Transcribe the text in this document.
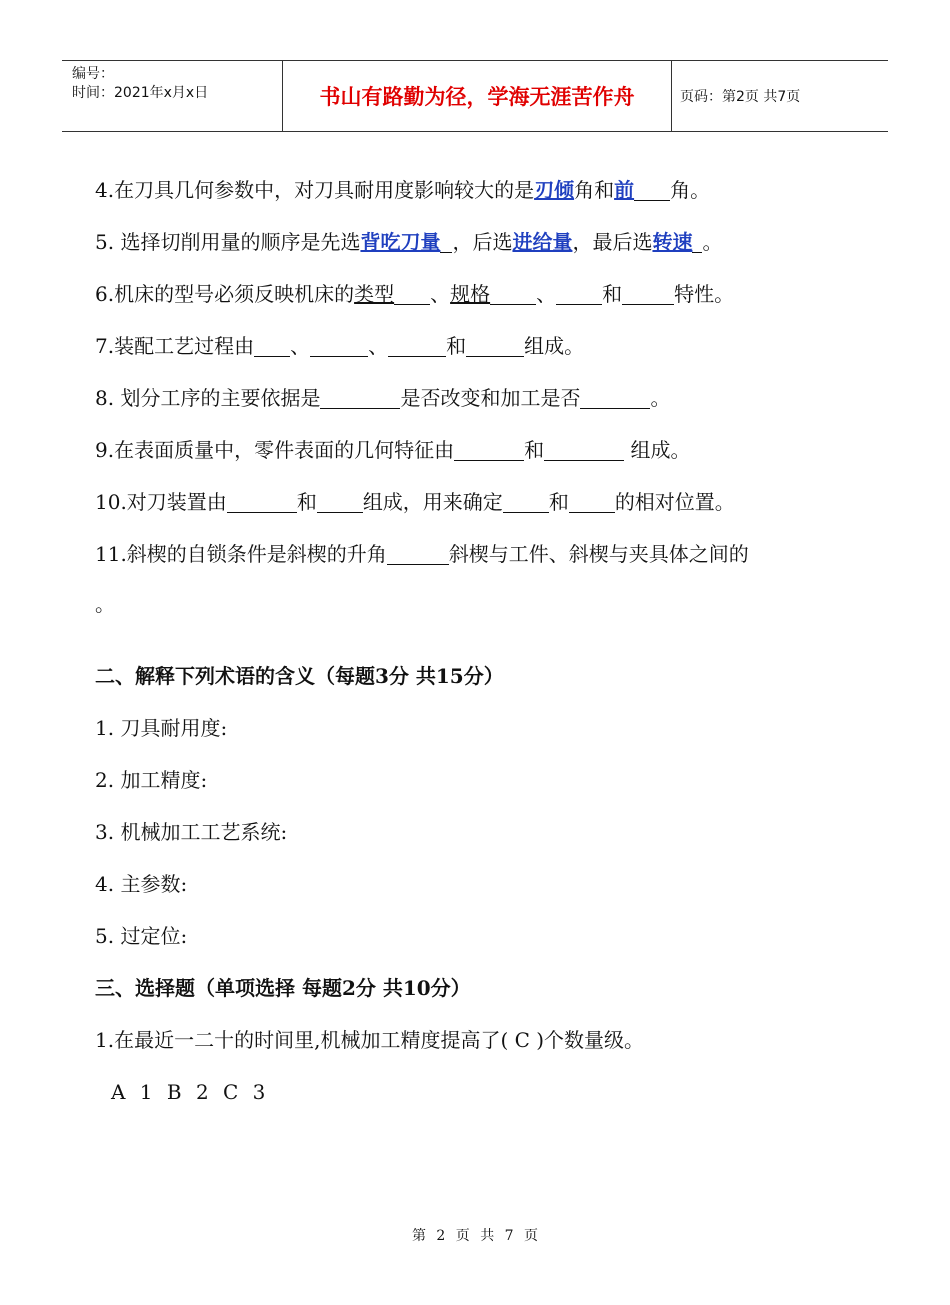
编号：
时间：2021年x月x日	书山有路勤为径，学海无涯苦作舟	页码：第2页 共7页
4.在刀具几何参数中，对刀具耐用度影响较大的是刃倾角和前 角。
5. 选择切削用量的顺序是先选背吃刀量 ，后选进给量，最后选转速 。
6.机床的型号必须反映机床的类型 、规格 、 和	特性。
7.装配工艺过程由 、	、	和	组成。
8. 划分工序的主要依据是	是否改变和加工是否	。
9.在表面质量中，零件表面的几何特征由	和	组成。
10.对刀装置由	和 组成，用来确定 和 的相对位置。
11.斜楔的自锁条件是斜楔的升角	斜楔与工件、斜楔与夹具体之间的
。
二、解释下列术语的含义（每题3分 共15分）
1. 刀具耐用度:
2. 加工精度:
3. 机械加工工艺系统:
4. 主参数:
5. 过定位:
三、选择题（单项选择 每题2分 共10分）
1.在最近一二十的时间里,机械加工精度提高了( C )个数量级。
A 1 B 2 C 3
第 2 页 共 7 页
